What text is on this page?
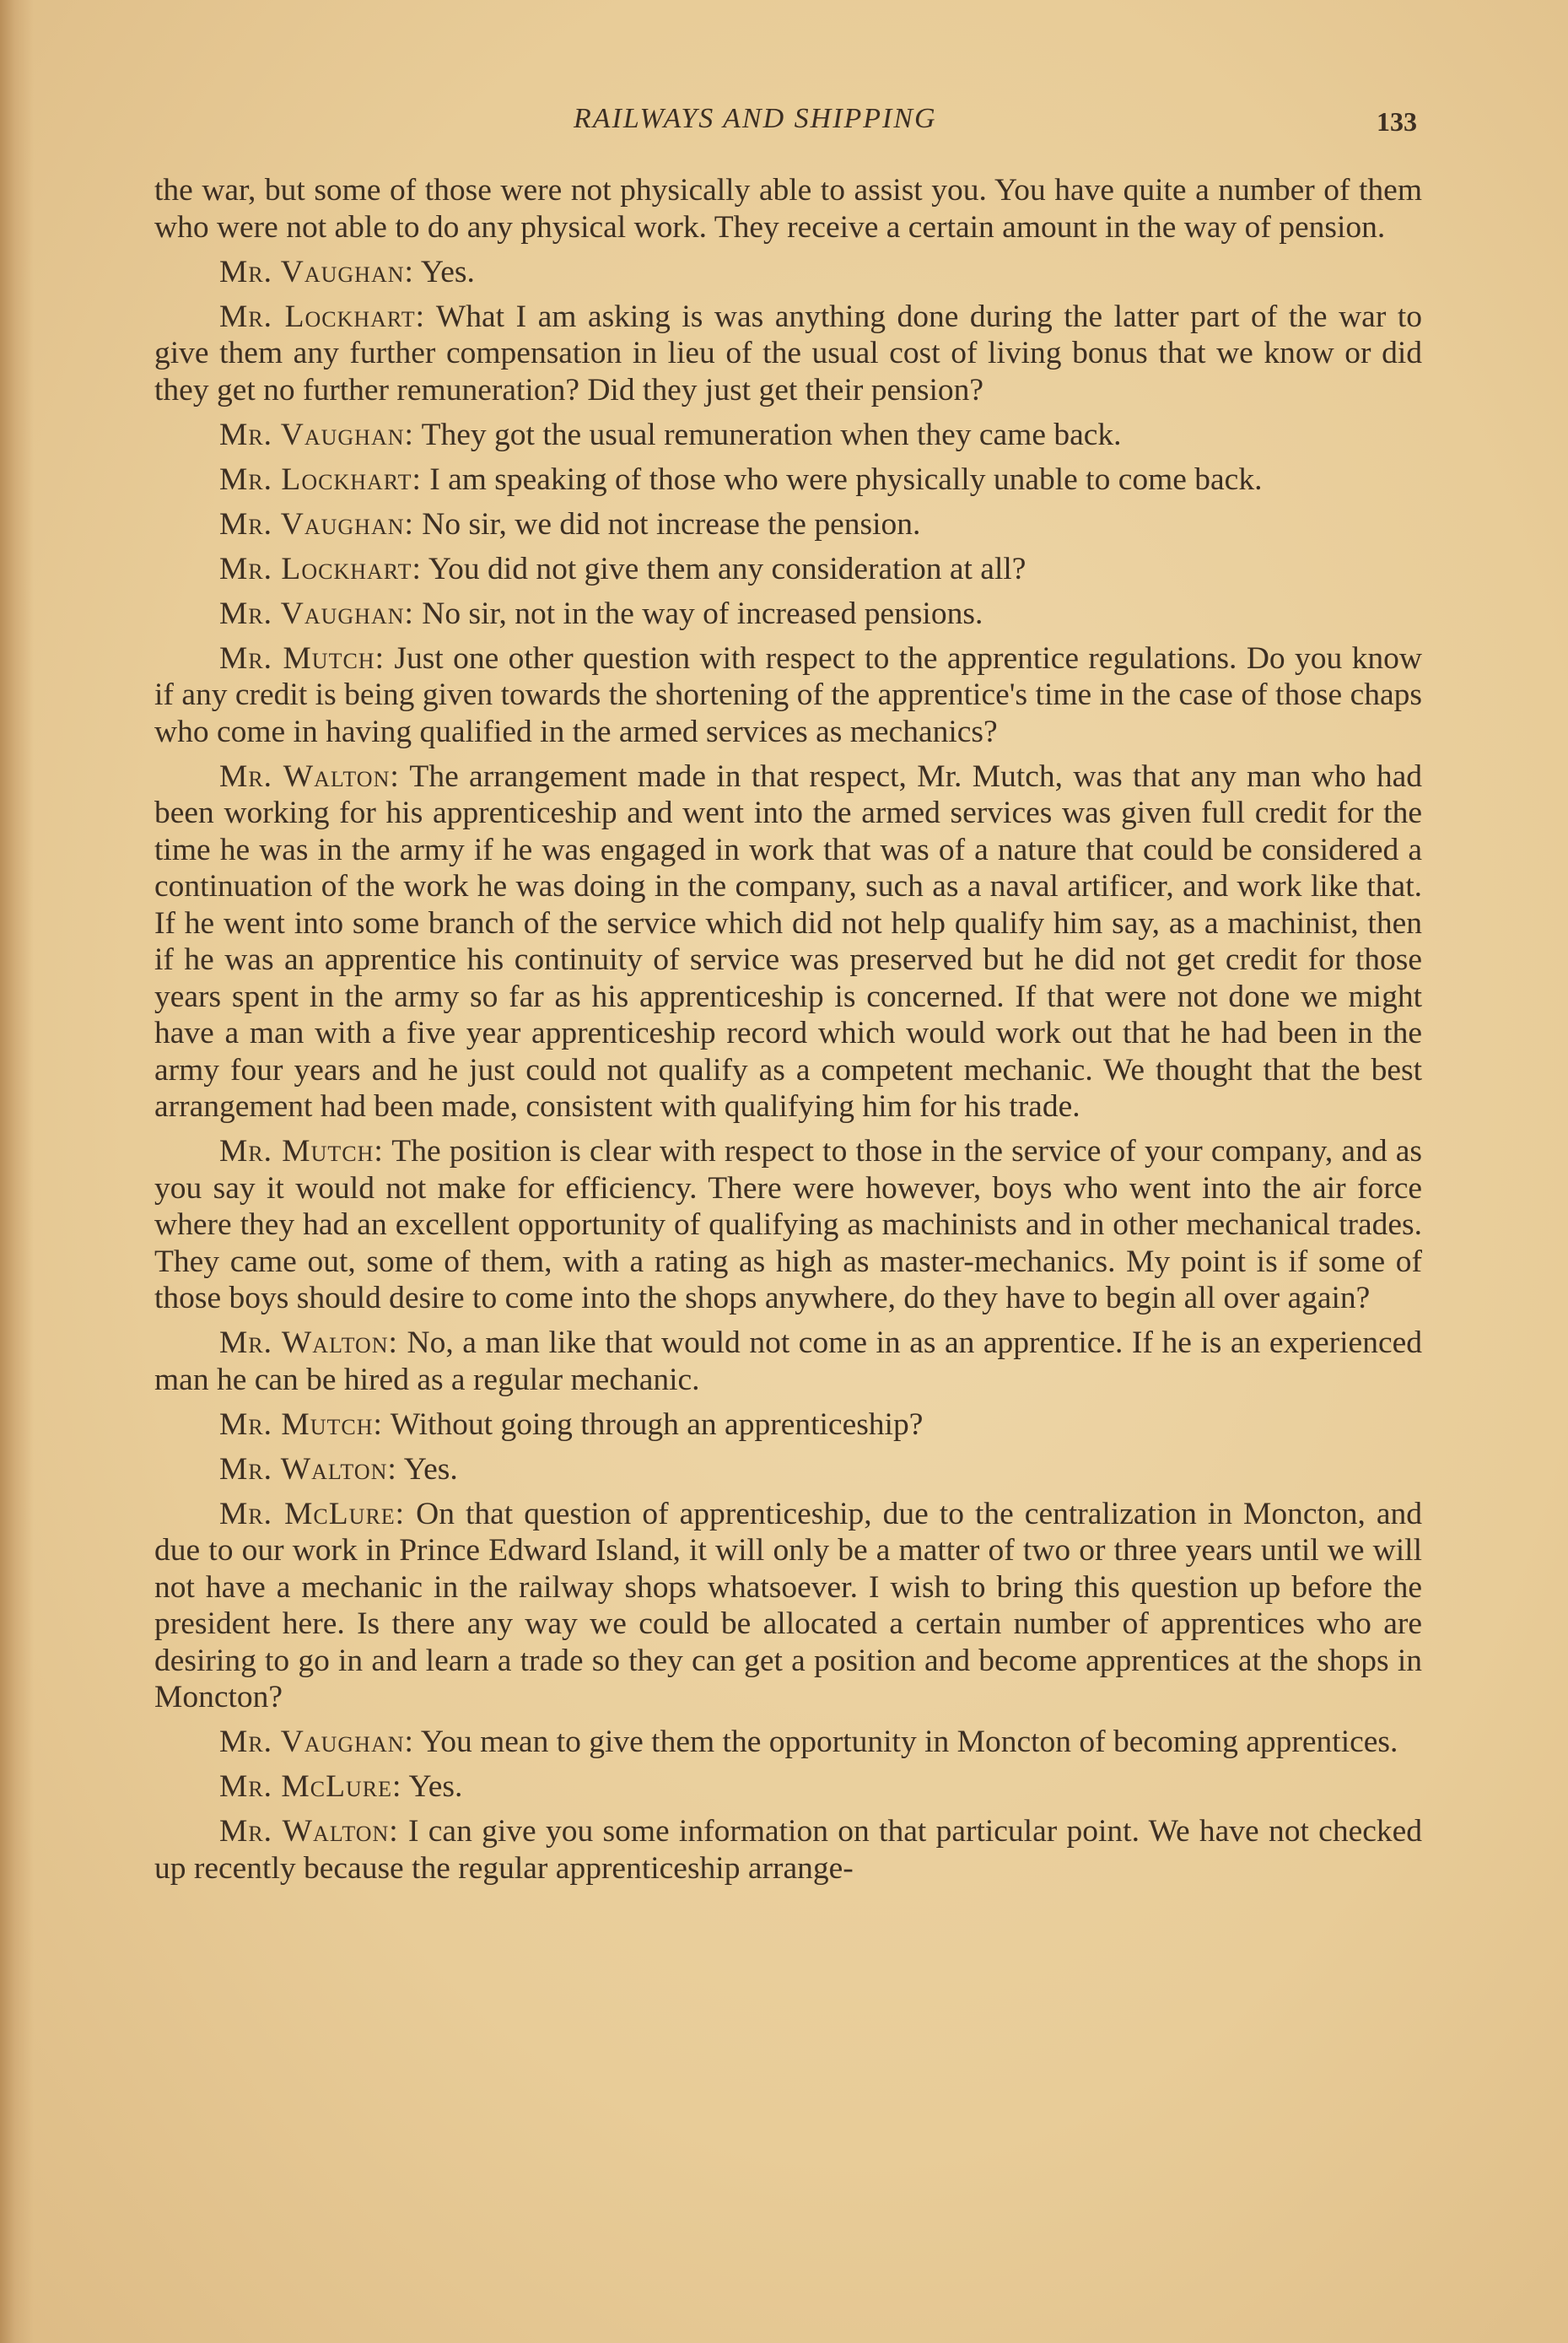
RAILWAYS AND SHIPPING	133

the war, but some of those were not physically able to assist you. You have quite a number of them who were not able to do any physical work. They receive a certain amount in the way of pension.

Mr. Vaughan: Yes.

Mr. Lockhart: What I am asking is was anything done during the latter part of the war to give them any further compensation in lieu of the usual cost of living bonus that we know or did they get no further remuneration? Did they just get their pension?

Mr. Vaughan: They got the usual remuneration when they came back.

Mr. Lockhart: I am speaking of those who were physically unable to come back.

Mr. Vaughan: No sir, we did not increase the pension.

Mr. Lockhart: You did not give them any consideration at all?

Mr. Vaughan: No sir, not in the way of increased pensions.

Mr. Mutch: Just one other question with respect to the apprentice regulations. Do you know if any credit is being given towards the shortening of the apprentice's time in the case of those chaps who come in having qualified in the armed services as mechanics?

Mr. Walton: The arrangement made in that respect, Mr. Mutch, was that any man who had been working for his apprenticeship and went into the armed services was given full credit for the time he was in the army if he was engaged in work that was of a nature that could be considered a continuation of the work he was doing in the company, such as a naval artificer, and work like that. If he went into some branch of the service which did not help qualify him say, as a machinist, then if he was an apprentice his continuity of service was preserved but he did not get credit for those years spent in the army so far as his apprenticeship is concerned. If that were not done we might have a man with a five year apprenticeship record which would work out that he had been in the army four years and he just could not qualify as a competent mechanic. We thought that the best arrangement had been made, consistent with qualifying him for his trade.

Mr. Mutch: The position is clear with respect to those in the service of your company, and as you say it would not make for efficiency. There were however, boys who went into the air force where they had an excellent opportunity of qualifying as machinists and in other mechanical trades. They came out, some of them, with a rating as high as master-mechanics. My point is if some of those boys should desire to come into the shops anywhere, do they have to begin all over again?

Mr. Walton: No, a man like that would not come in as an apprentice. If he is an experienced man he can be hired as a regular mechanic.

Mr. Mutch: Without going through an apprenticeship?

Mr. Walton: Yes.

Mr. McLure: On that question of apprenticeship, due to the centralization in Moncton, and due to our work in Prince Edward Island, it will only be a matter of two or three years until we will not have a mechanic in the railway shops whatsoever. I wish to bring this question up before the president here. Is there any way we could be allocated a certain number of apprentices who are desiring to go in and learn a trade so they can get a position and become apprentices at the shops in Moncton?

Mr. Vaughan: You mean to give them the opportunity in Moncton of becoming apprentices.

Mr. McLure: Yes.

Mr. Walton: I can give you some information on that particular point. We have not checked up recently because the regular apprenticeship arrange-
